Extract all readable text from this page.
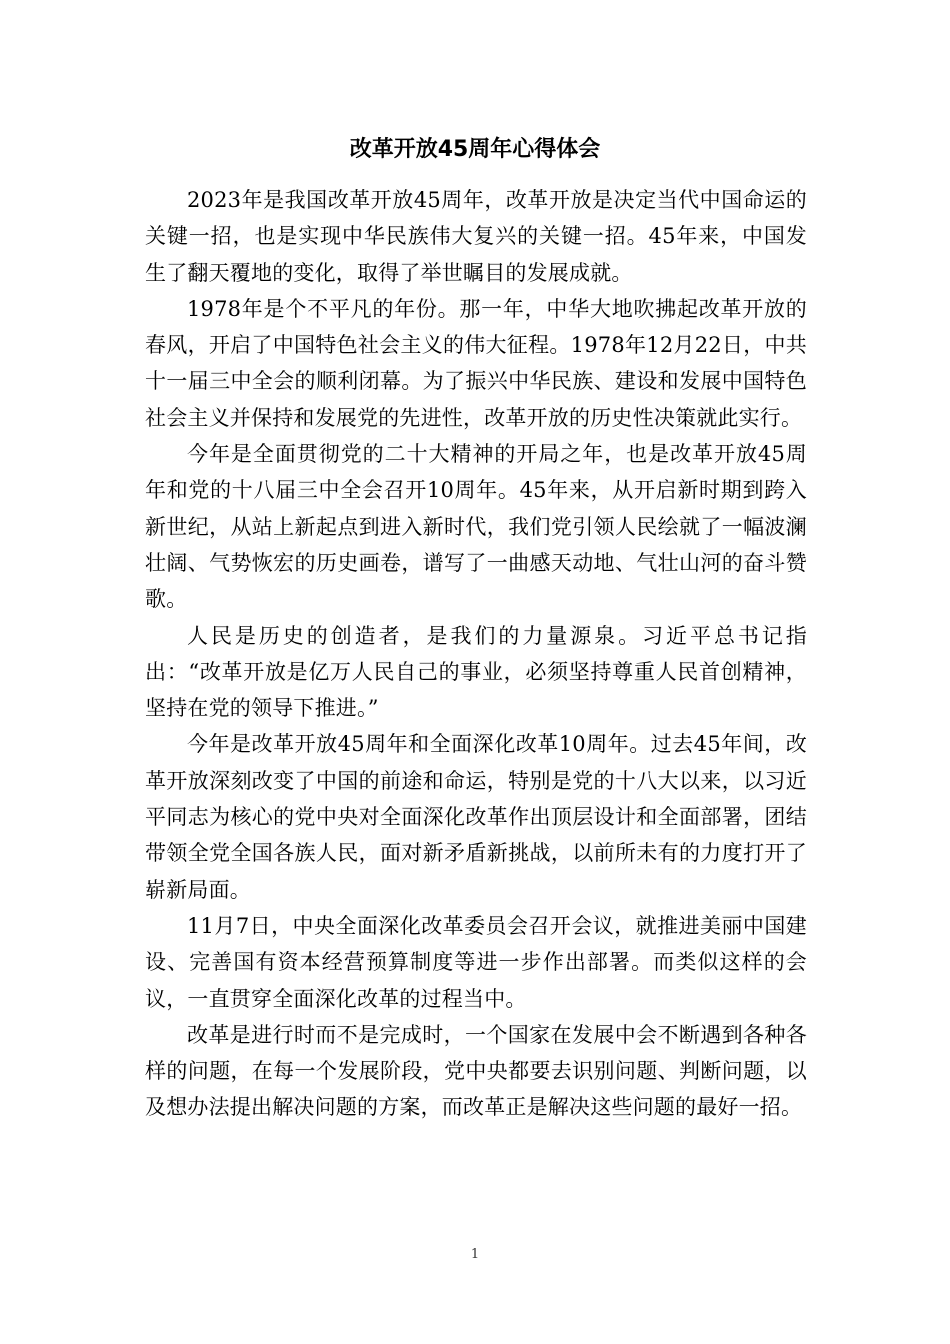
改革开放45周年心得体会

2023年是我国改革开放45周年，改革开放是决定当代中国命运的关键一招，也是实现中华民族伟大复兴的关键一招。45年来，中国发生了翻天覆地的变化，取得了举世瞩目的发展成就。

1978年是个不平凡的年份。那一年，中华大地吹拂起改革开放的春风，开启了中国特色社会主义的伟大征程。1978年12月22日，中共十一届三中全会的顺利闭幕。为了振兴中华民族、建设和发展中国特色社会主义并保持和发展党的先进性，改革开放的历史性决策就此实行。

今年是全面贯彻党的二十大精神的开局之年，也是改革开放45周年和党的十八届三中全会召开10周年。45年来，从开启新时期到跨入新世纪，从站上新起点到进入新时代，我们党引领人民绘就了一幅波澜壮阔、气势恢宏的历史画卷，谱写了一曲感天动地、气壮山河的奋斗赞歌。

人民是历史的创造者，是我们的力量源泉。习近平总书记指出：“改革开放是亿万人民自己的事业，必须坚持尊重人民首创精神，坚持在党的领导下推进。”

今年是改革开放45周年和全面深化改革10周年。过去45年间，改革开放深刻改变了中国的前途和命运，特别是党的十八大以来，以习近平同志为核心的党中央对全面深化改革作出顶层设计和全面部署，团结带领全党全国各族人民，面对新矛盾新挑战，以前所未有的力度打开了崭新局面。

11月7日，中央全面深化改革委员会召开会议，就推进美丽中国建设、完善国有资本经营预算制度等进一步作出部署。而类似这样的会议，一直贯穿全面深化改革的过程当中。

改革是进行时而不是完成时，一个国家在发展中会不断遇到各种各样的问题，在每一个发展阶段，党中央都要去识别问题、判断问题，以及想办法提出解决问题的方案，而改革正是解决这些问题的最好一招。

1
